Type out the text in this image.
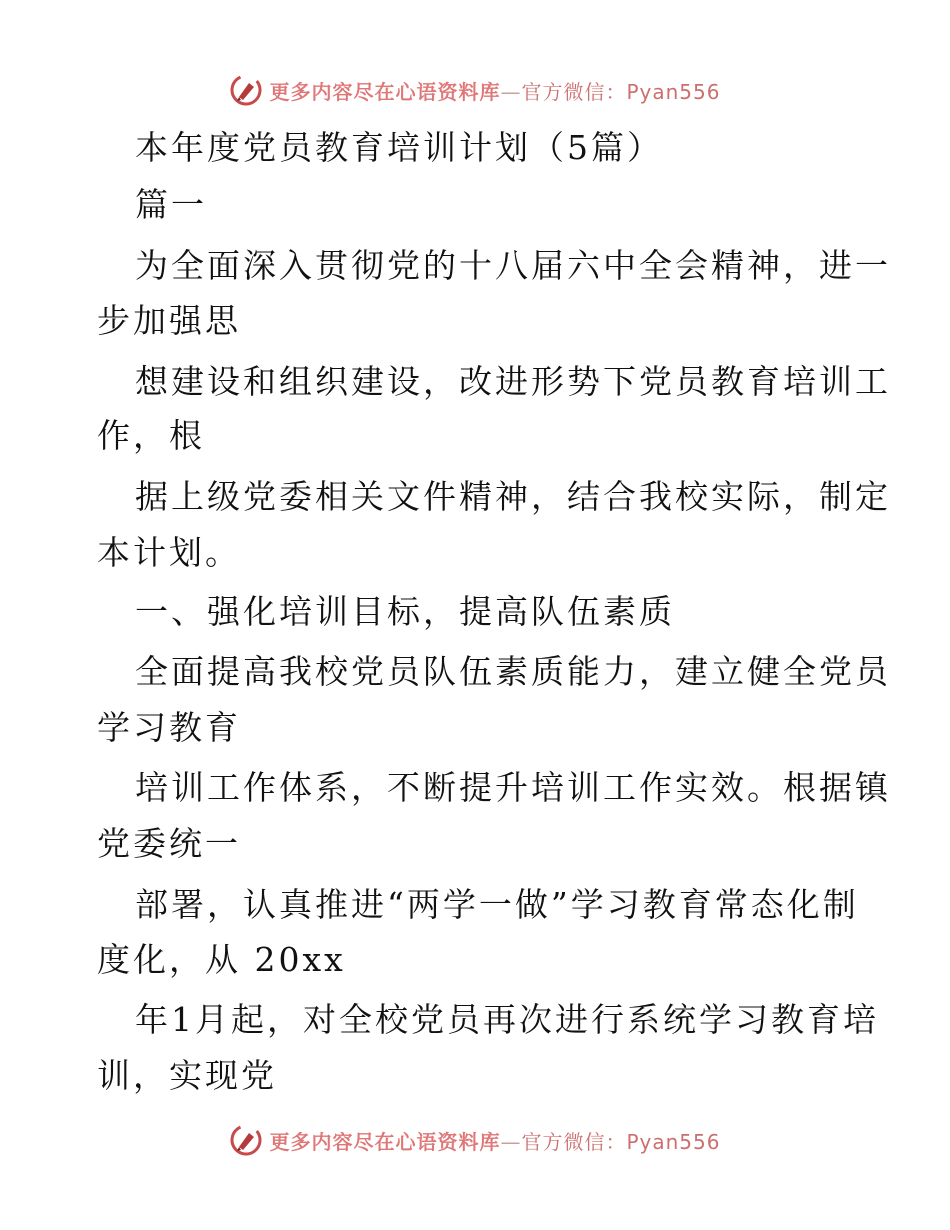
更多内容尽在心语资料库—官方微信：Pyan556
本年度党员教育培训计划（5篇）
篇一
为全面深入贯彻党的十八届六中全会精神，进一
步加强思
想建设和组织建设，改进形势下党员教育培训工
作，根
据上级党委相关文件精神，结合我校实际，制定
本计划。
一、强化培训目标，提高队伍素质
全面提高我校党员队伍素质能力，建立健全党员
学习教育
培训工作体系，不断提升培训工作实效。根据镇
党委统一
部署，认真推进“两学一做”学习教育常态化制
度化，从 20xx
年1月起，对全校党员再次进行系统学习教育培
训，实现党
更多内容尽在心语资料库—官方微信：Pyan556
